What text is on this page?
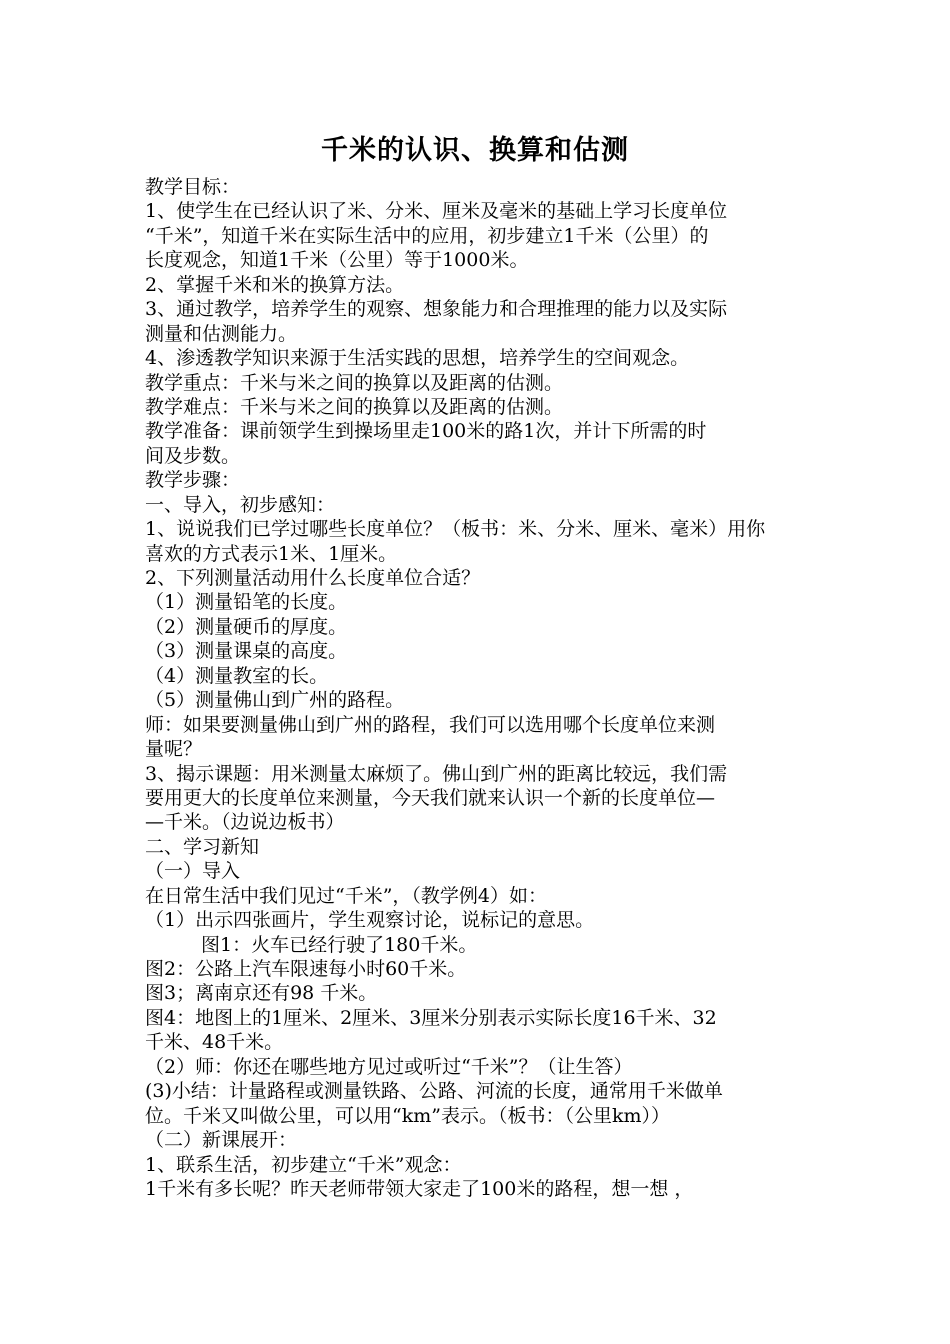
千米的认识、换算和估测
教学目标：
1、使学生在已经认识了米、分米、厘米及毫米的基础上学习长度单位
“千米”，知道千米在实际生活中的应用，初步建立1千米（公里）的
长度观念，知道1千米（公里）等于1000米。
2、掌握千米和米的换算方法。
3、通过教学，培养学生的观察、想象能力和合理推理的能力以及实际
测量和估测能力。
4、渗透教学知识来源于生活实践的思想，培养学生的空间观念。
教学重点：千米与米之间的换算以及距离的估测。
教学难点：千米与米之间的换算以及距离的估测。
教学准备：课前领学生到操场里走100米的路1次，并计下所需的时
间及步数。
教学步骤：
一、导入，初步感知：
1、说说我们已学过哪些长度单位？（板书：米、分米、厘米、毫米）用你
喜欢的方式表示1米、1厘米。
2、下列测量活动用什么长度单位合适？
（1）测量铅笔的长度。
（2）测量硬币的厚度。
（3）测量课桌的高度。
（4）测量教室的长。
（5）测量佛山到广州的路程。
师：如果要测量佛山到广州的路程，我们可以选用哪个长度单位来测
量呢？
3、揭示课题：用米测量太麻烦了。佛山到广州的距离比较远，我们需
要用更大的长度单位来测量，今天我们就来认识一个新的长度单位—
—千米。（边说边板书）
二、学习新知
（一）导入
在日常生活中我们见过“千米”，（教学例4）如：
（1）出示四张画片，学生观察讨论，说标记的意思。
图1：火车已经行驶了180千米。
图2：公路上汽车限速每小时60千米。
图3；离南京还有98 千米。
图4：地图上的1厘米、2厘米、3厘米分别表示实际长度16千米、32
千米、48千米。
（2）师：你还在哪些地方见过或听过“千米”？（让生答）
(3)小结：计量路程或测量铁路、公路、河流的长度，通常用千米做单
位。千米又叫做公里，可以用“km”表示。（板书：（公里km））
（二）新课展开：
1、联系生活，初步建立“千米”观念：
1千米有多长呢？昨天老师带领大家走了100米的路程，想一想 ，
